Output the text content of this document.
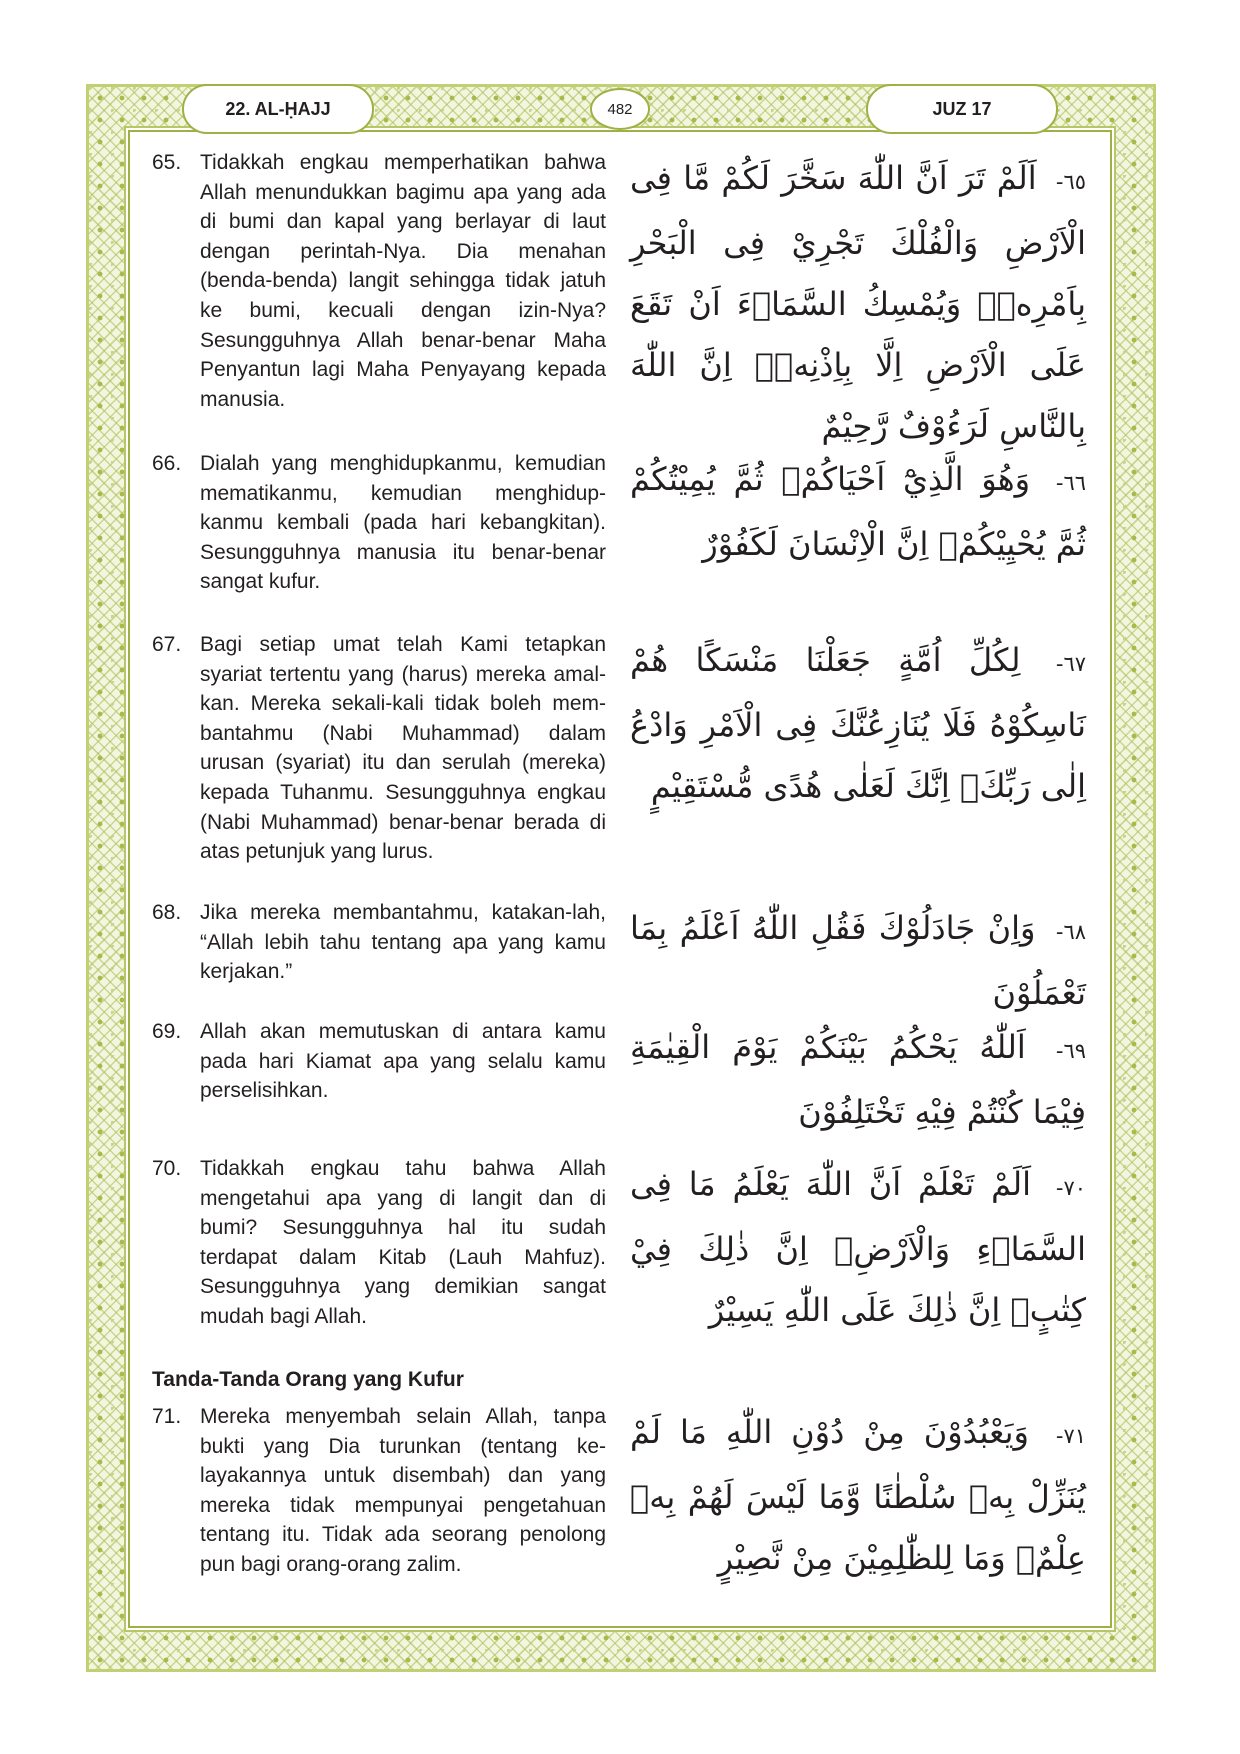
22. AL-ḤAJJ	482	JUZ 17
65. Tidakkah engkau memperhatikan bahwa Allah menundukkan bagimu apa yang ada di bumi dan kapal yang berlayar di laut dengan perintah-Nya. Dia menahan (benda-benda) langit sehingga tidak jatuh ke bumi, kecuali dengan izin-Nya? Sesungguhnya Allah benar-benar Maha Penyantun lagi Maha Penyayang kepada manusia.
٦٥- اَلَمْ تَرَ اَنَّ اللّٰهَ سَخَّرَ لَكُمْ مَّا فِى الْاَرْضِ وَالْفُلْكَ تَجْرِيْ فِى الْبَحْرِ بِاَمْرِهٖۗ وَيُمْسِكُ السَّمَاۤءَ اَنْ تَقَعَ عَلَى الْاَرْضِ اِلَّا بِاِذْنِهٖۗ اِنَّ اللّٰهَ بِالنَّاسِ لَرَءُوْفٌ رَّحِيْمٌ
66. Dialah yang menghidupkanmu, kemudian mematikanmu, kemudian menghidup-kanmu kembali (pada hari kebangkitan). Sesungguhnya manusia itu benar-benar sangat kufur.
٦٦- وَهُوَ الَّذِيْٓ اَحْيَاكُمْۖ ثُمَّ يُمِيْتُكُمْ ثُمَّ يُحْيِيْكُمْۗ اِنَّ الْاِنْسَانَ لَكَفُوْرٌ
67. Bagi setiap umat telah Kami tetapkan syariat tertentu yang (harus) mereka amal-kan. Mereka sekali-kali tidak boleh mem-bantahmu (Nabi Muhammad) dalam urusan (syariat) itu dan serulah (mereka) kepada Tuhanmu. Sesungguhnya engkau (Nabi Muhammad) benar-benar berada di atas petunjuk yang lurus.
٦٧- لِكُلِّ اُمَّةٍ جَعَلْنَا مَنْسَكًا هُمْ نَاسِكُوْهُ فَلَا يُنَازِعُنَّكَ فِى الْاَمْرِ وَادْعُ اِلٰى رَبِّكَۗ اِنَّكَ لَعَلٰى هُدًى مُّسْتَقِيْمٍ
68. Jika mereka membantahmu, katakan-lah, “Allah lebih tahu tentang apa yang kamu kerjakan.”
٦٨- وَاِنْ جَادَلُوْكَ فَقُلِ اللّٰهُ اَعْلَمُ بِمَا تَعْمَلُوْنَ
69. Allah akan memutuskan di antara kamu pada hari Kiamat apa yang selalu kamu perselisihkan.
٦٩- اَللّٰهُ يَحْكُمُ بَيْنَكُمْ يَوْمَ الْقِيٰمَةِ فِيْمَا كُنْتُمْ فِيْهِ تَخْتَلِفُوْنَ
70. Tidakkah engkau tahu bahwa Allah mengetahui apa yang di langit dan di bumi? Sesungguhnya hal itu sudah terdapat dalam Kitab (Lauh Mahfuz). Sesungguhnya yang demikian sangat mudah bagi Allah.
٧٠- اَلَمْ تَعْلَمْ اَنَّ اللّٰهَ يَعْلَمُ مَا فِى السَّمَاۤءِ وَالْاَرْضِۗ اِنَّ ذٰلِكَ فِيْ كِتٰبٍۗ اِنَّ ذٰلِكَ عَلَى اللّٰهِ يَسِيْرٌ
Tanda-Tanda Orang yang Kufur
71. Mereka menyembah selain Allah, tanpa bukti yang Dia turunkan (tentang ke-layakannya untuk disembah) dan yang mereka tidak mempunyai pengetahuan tentang itu. Tidak ada seorang penolong pun bagi orang-orang zalim.
٧١- وَيَعْبُدُوْنَ مِنْ دُوْنِ اللّٰهِ مَا لَمْ يُنَزِّلْ بِهٖ سُلْطٰنًا وَّمَا لَيْسَ لَهُمْ بِهٖ عِلْمٌۗ وَمَا لِلظّٰلِمِيْنَ مِنْ نَّصِيْرٍ
